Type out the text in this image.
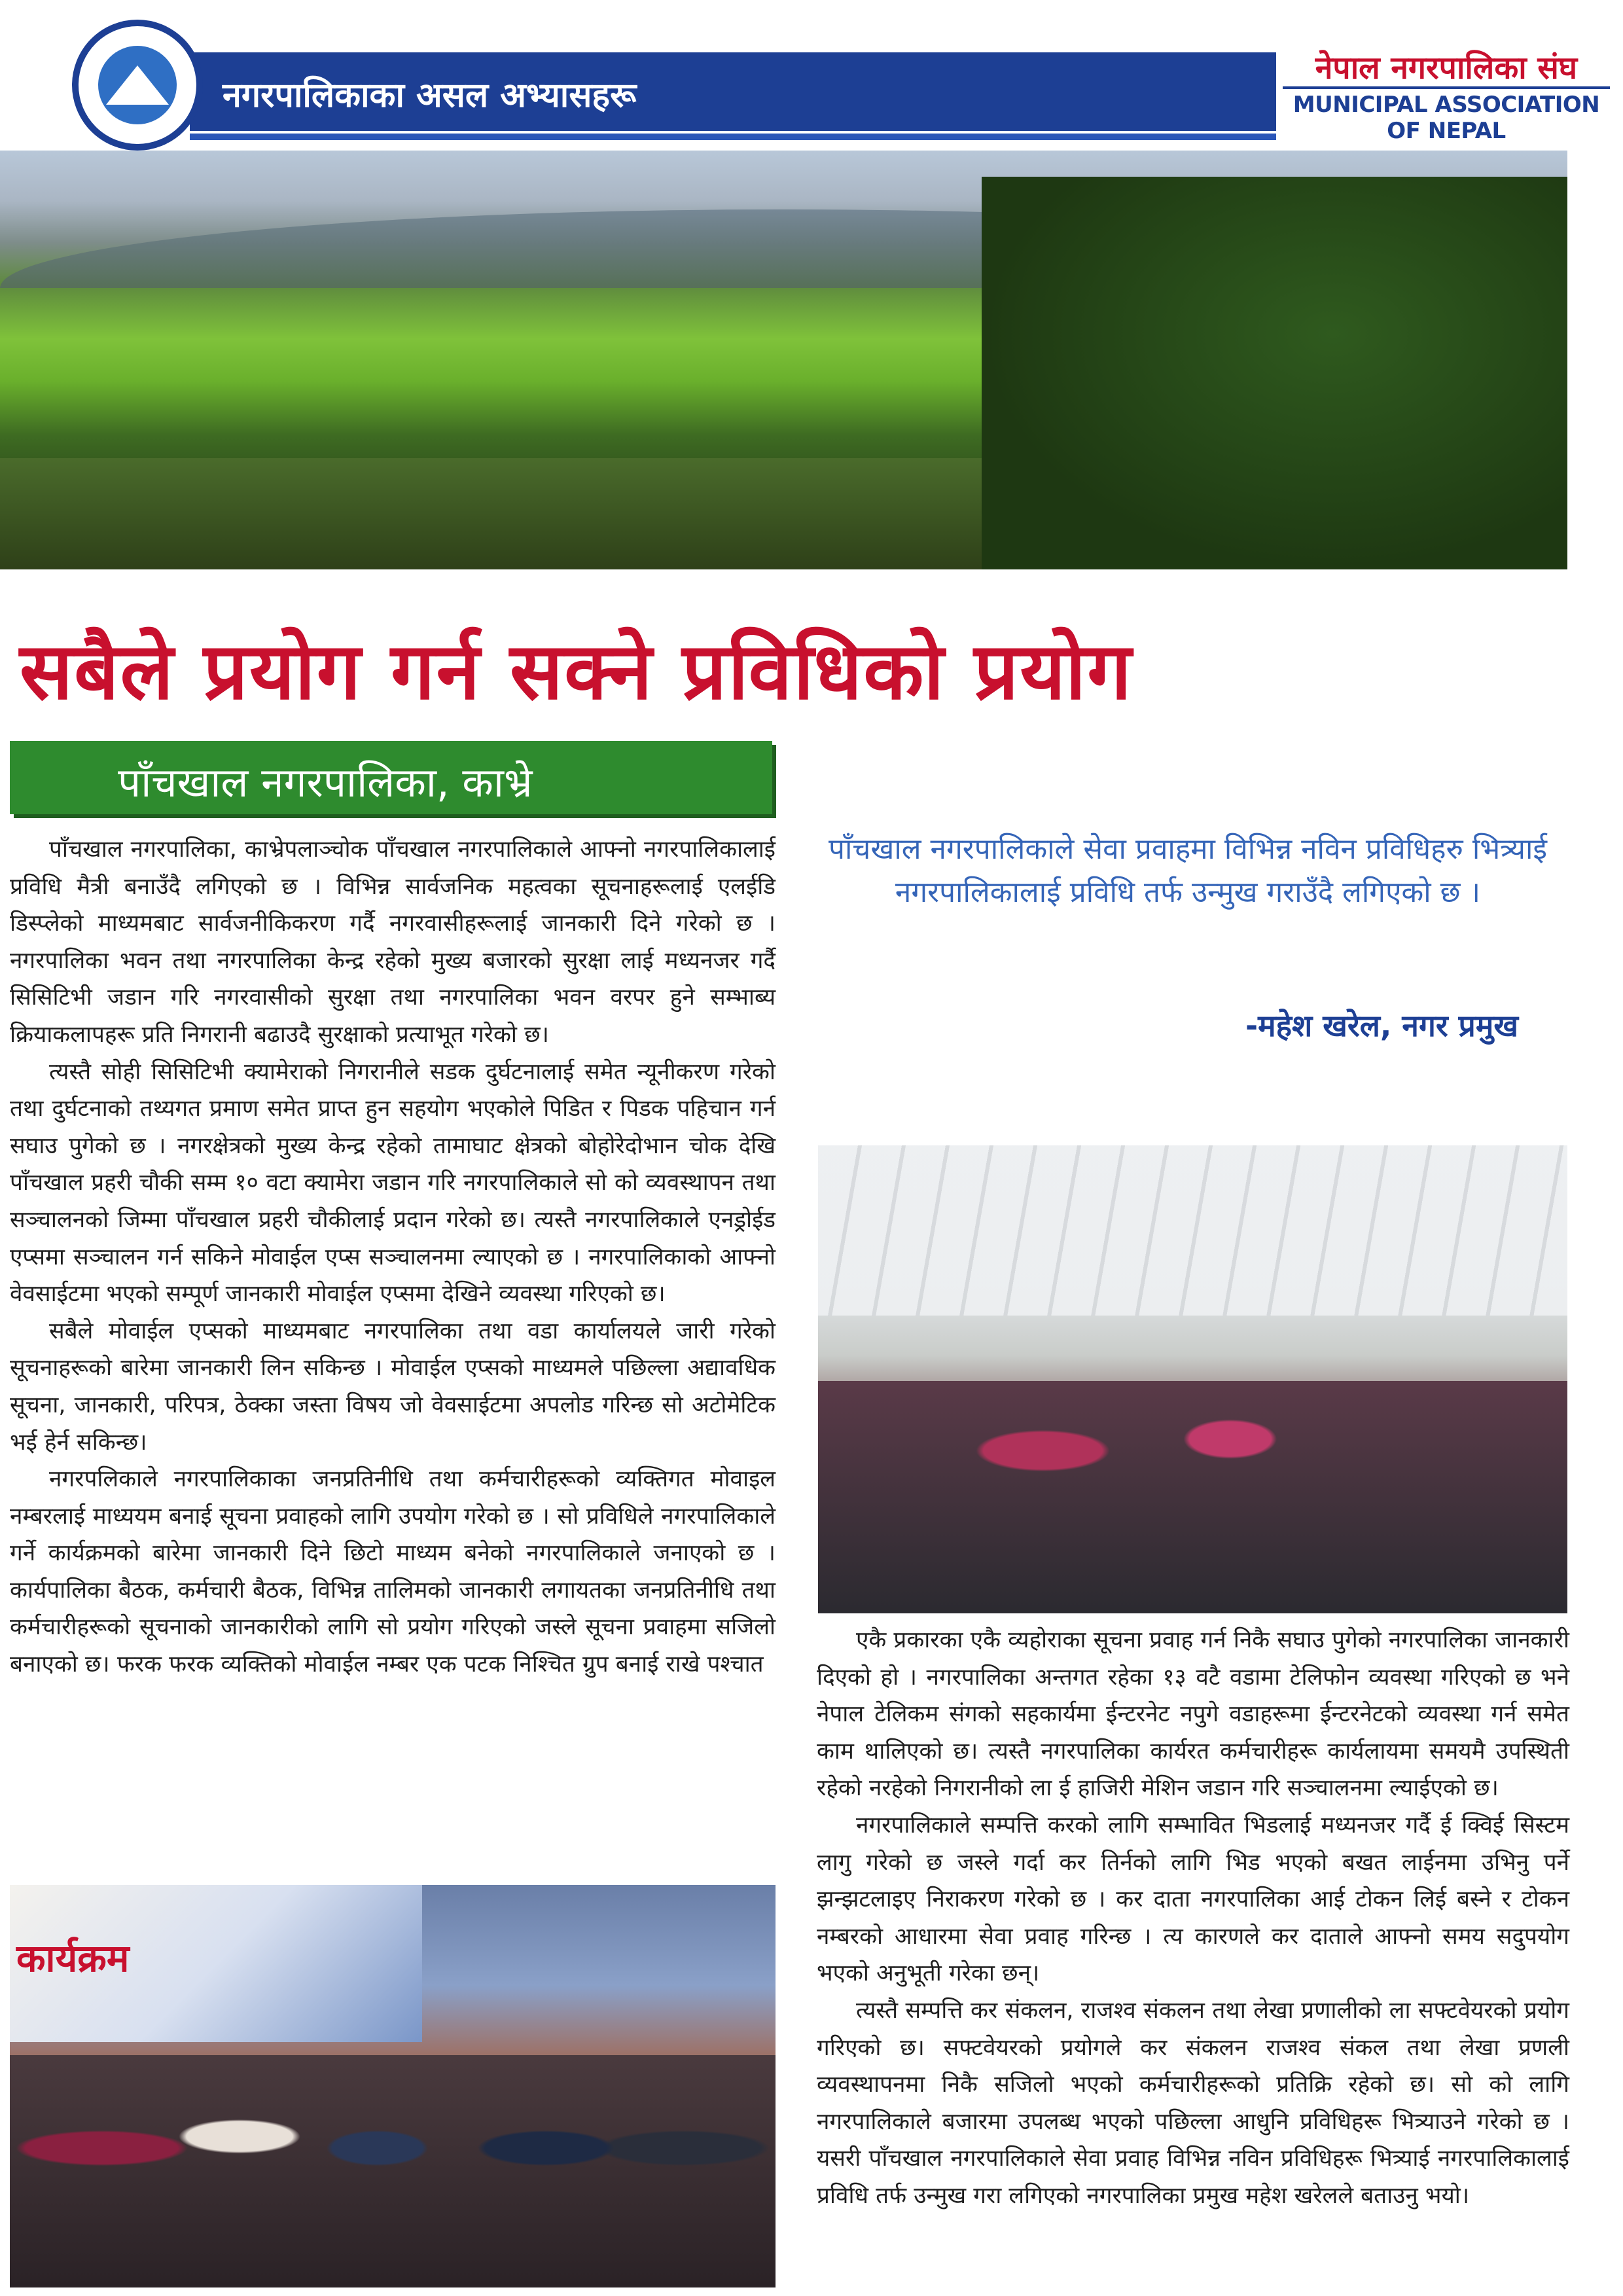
नगरपालिकाका असल अभ्यासहरू
नेपाल नगरपालिका संघ
MUNICIPAL ASSOCIATION OF NEPAL
सबैले प्रयोग गर्न सक्ने प्रविधिको प्रयोग
पाँचखाल नगरपालिका, काभ्रे

पाँचखाल नगरपालिका, काभ्रेपलाञ्चोक पाँचखाल नगरपालिकाले आफ्नो नगरपालिकालाई प्रविधि मैत्री बनाउँदै लगिएको छ । विभिन्न सार्वजनिक महत्वका सूचनाहरूलाई एलईडि डिस्प्लेको माध्यमबाट सार्वजनीकिकरण गर्दै नगरवासीहरूलाई जानकारी दिने गरेको छ । नगरपालिका भवन तथा नगरपालिका केन्द्र रहेको मुख्य बजारको सुरक्षा लाई मध्यनजर गर्दै सिसिटिभी जडान गरि नगरवासीको सुरक्षा तथा नगरपालिका भवन वरपर हुने सम्भाब्य क्रियाकलापहरू प्रति निगरानी बढाउदै सुरक्षाको प्रत्याभूत गरेको छ।

त्यस्तै सोही सिसिटिभी क्यामेराको निगरानीले सडक दुर्घटनालाई समेत न्यूनीकरण गरेको तथा दुर्घटनाको तथ्यगत प्रमाण समेत प्राप्त हुन सहयोग भएकोले पिडित र पिडक पहिचान गर्न सघाउ पुगेको छ । नगरक्षेत्रको मुख्य केन्द्र रहेको तामाघाट क्षेत्रको बोहोरेदोभान चोक देखि पाँचखाल प्रहरी चौकी सम्म १० वटा क्यामेरा जडान गरि नगरपालिकाले सो को व्यवस्थापन तथा सञ्चालनको जिम्मा पाँचखाल प्रहरी चौकीलाई प्रदान गरेको छ। त्यस्तै नगरपालिकाले एनड्रोईड एप्समा सञ्चालन गर्न सकिने मोवाईल एप्स सञ्चालनमा ल्याएको छ । नगरपालिकाको आफ्नो वेवसाईटमा भएको सम्पूर्ण जानकारी मोवाईल एप्समा देखिने व्यवस्था गरिएको छ।

सबैले मोवाईल एप्सको माध्यमबाट नगरपालिका तथा वडा कार्यालयले जारी गरेको सूचनाहरूको बारेमा जानकारी लिन सकिन्छ । मोवाईल एप्सको माध्यमले पछिल्ला अद्यावधिक सूचना, जानकारी, परिपत्र, ठेक्का जस्ता विषय जो वेवसाईटमा अपलोड गरिन्छ सो अटोमेटिक भई हेर्न सकिन्छ।

नगरपलिकाले नगरपालिकाका जनप्रतिनीधि तथा कर्मचारीहरूको व्यक्तिगत मोवाइल नम्बरलाई माध्ययम बनाई सूचना प्रवाहको लागि उपयोग गरेको छ । सो प्रविधिले नगरपालिकाले गर्ने कार्यक्रमको बारेमा जानकारी दिने छिटो माध्यम बनेको नगरपालिकाले जनाएको छ । कार्यपालिका बैठक, कर्मचारी बैठक, विभिन्न तालिमको जानकारी लगायतका जनप्रतिनीधि तथा कर्मचारीहरूको सूचनाको जानकारीको लागि सो प्रयोग गरिएको जस्ले सूचना प्रवाहमा सजिलो बनाएको छ। फरक फरक व्यक्तिको मोवाईल नम्बर एक पटक निश्चित ग्रुप बनाई राखे पश्चात

पाँचखाल नगरपालिकाले सेवा प्रवाहमा विभिन्न नविन प्रविधिहरु भित्र्याई नगरपालिकालाई प्रविधि तर्फ उन्मुख गराउँदै लगिएको छ ।
-महेश खरेल, नगर प्रमुख

एकै प्रकारका एकै व्यहोराका सूचना प्रवाह गर्न निकै सघाउ पुगेको नगरपालिका जानकारी दिएको हो । नगरपालिका अन्तगत रहेका १३ वटै वडामा टेलिफोन व्यवस्था गरिएको छ भने नेपाल टेलिकम संगको सहकार्यमा ईन्टरनेट नपुगे वडाहरूमा ईन्टरनेटको व्यवस्था गर्न समेत काम थालिएको छ। त्यस्तै नगरपालिका कार्यरत कर्मचारीहरू कार्यलायमा समयमै उपस्थिती रहेको नरहेको निगरानीको ला ई हाजिरी मेशिन जडान गरि सञ्चालनमा ल्याईएको छ।

नगरपालिकाले सम्पत्ति करको लागि सम्भावित भिडलाई मध्यनजर गर्दै ई क्विई सिस्टम लागु गरेको छ जस्ले गर्दा कर तिर्नको लागि भिड भएको बखत लाईनमा उभिनु पर्ने झन्झटलाइए निराकरण गरेको छ । कर दाता नगरपालिका आई टोकन लिई बस्ने र टोकन नम्बरको आधारमा सेवा प्रवाह गरिन्छ । त्य कारणले कर दाताले आफ्नो समय सदुपयोग भएको अनुभूती गरेका छन्।

त्यस्तै सम्पत्ति कर संकलन, राजश्व संकलन तथा लेखा प्रणालीको ला सफ्टवेयरको प्रयोग गरिएको छ। सफ्टवेयरको प्रयोगले कर संकलन राजश्व संकल तथा लेखा प्रणली व्यवस्थापनमा निकै सजिलो भएको कर्मचारीहरूको प्रतिक्रि रहेको छ। सो को लागि नगरपालिकाले बजारमा उपलब्ध भएको पछिल्ला आधुनि प्रविधिहरू भित्र्याउने गरेको छ । यसरी पाँचखाल नगरपालिकाले सेवा प्रवाह विभिन्न नविन प्रविधिहरू भित्र्याई नगरपालिकालाई प्रविधि तर्फ उन्मुख गरा लगिएको नगरपालिका प्रमुख महेश खरेलले बताउनु भयो।

कार्यक्रम
